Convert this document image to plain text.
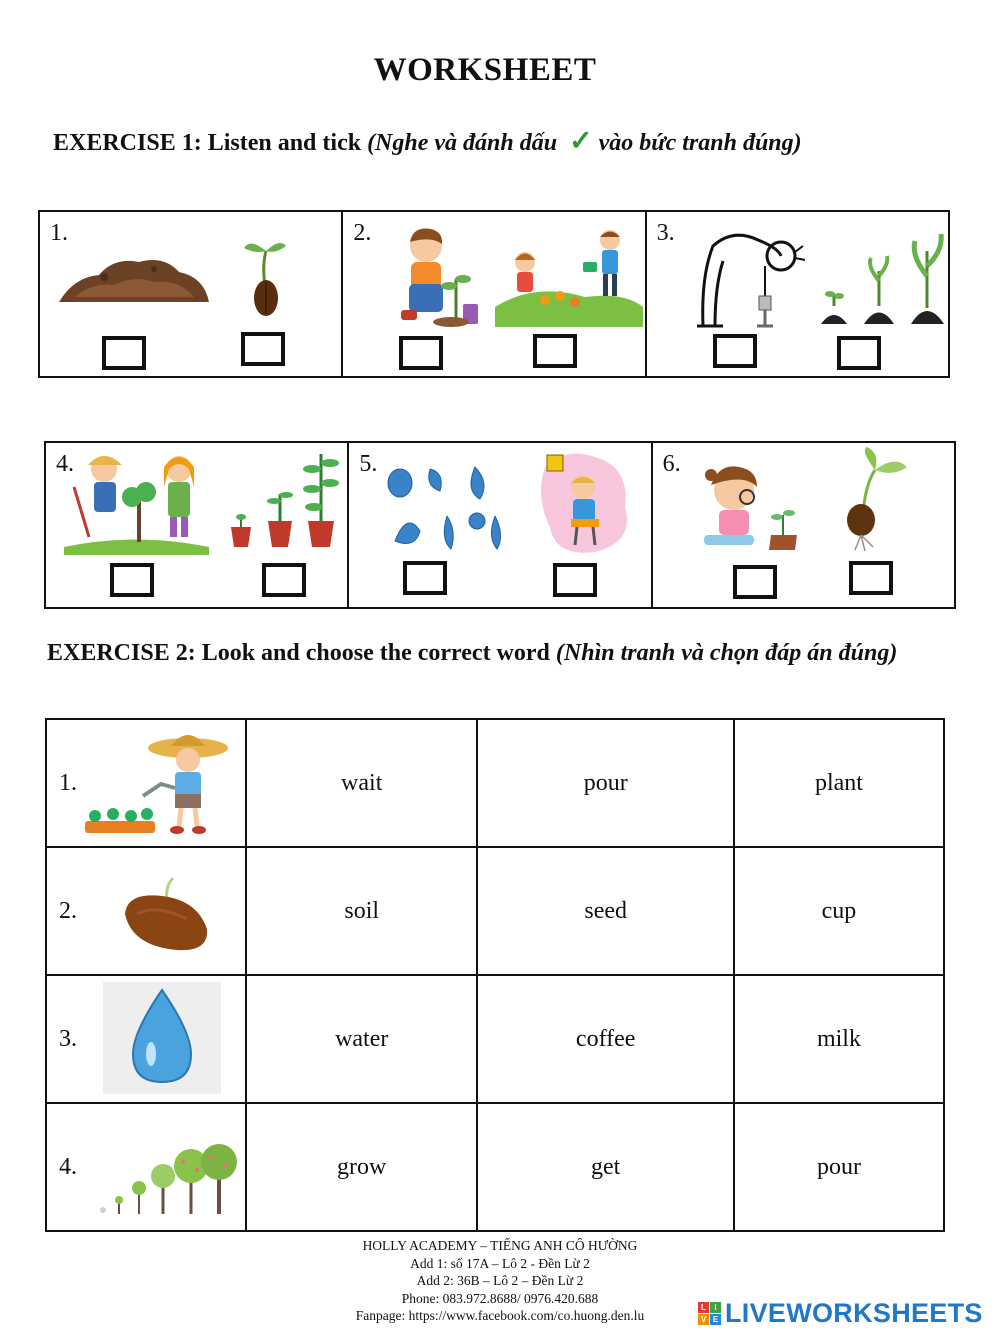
WORKSHEET
EXERCISE 1: Listen and tick (Nghe và đánh dấu ✓ vào bức tranh đúng)
1.	2.	3.
4.	5.	6.
EXERCISE 2: Look and choose the correct word (Nhìn tranh và chọn đáp án đúng)
1.	wait	pour	plant

2.	soil	seed	cup

3.	water	coffee	milk

4.	grow	get	pour
HOLLY ACADEMY – TIẾNG ANH CÔ HƯỜNG
Add 1: số 17A – Lô 2 - Đền Lừ 2
Add 2: 36B – Lô 2 – Đền Lừ 2
Phone: 083.972.8688/ 0976.420.688
Fanpage: https://www.facebook.com/co.huong.den.lu
L	I
V E LIVEWORKSHEETS
